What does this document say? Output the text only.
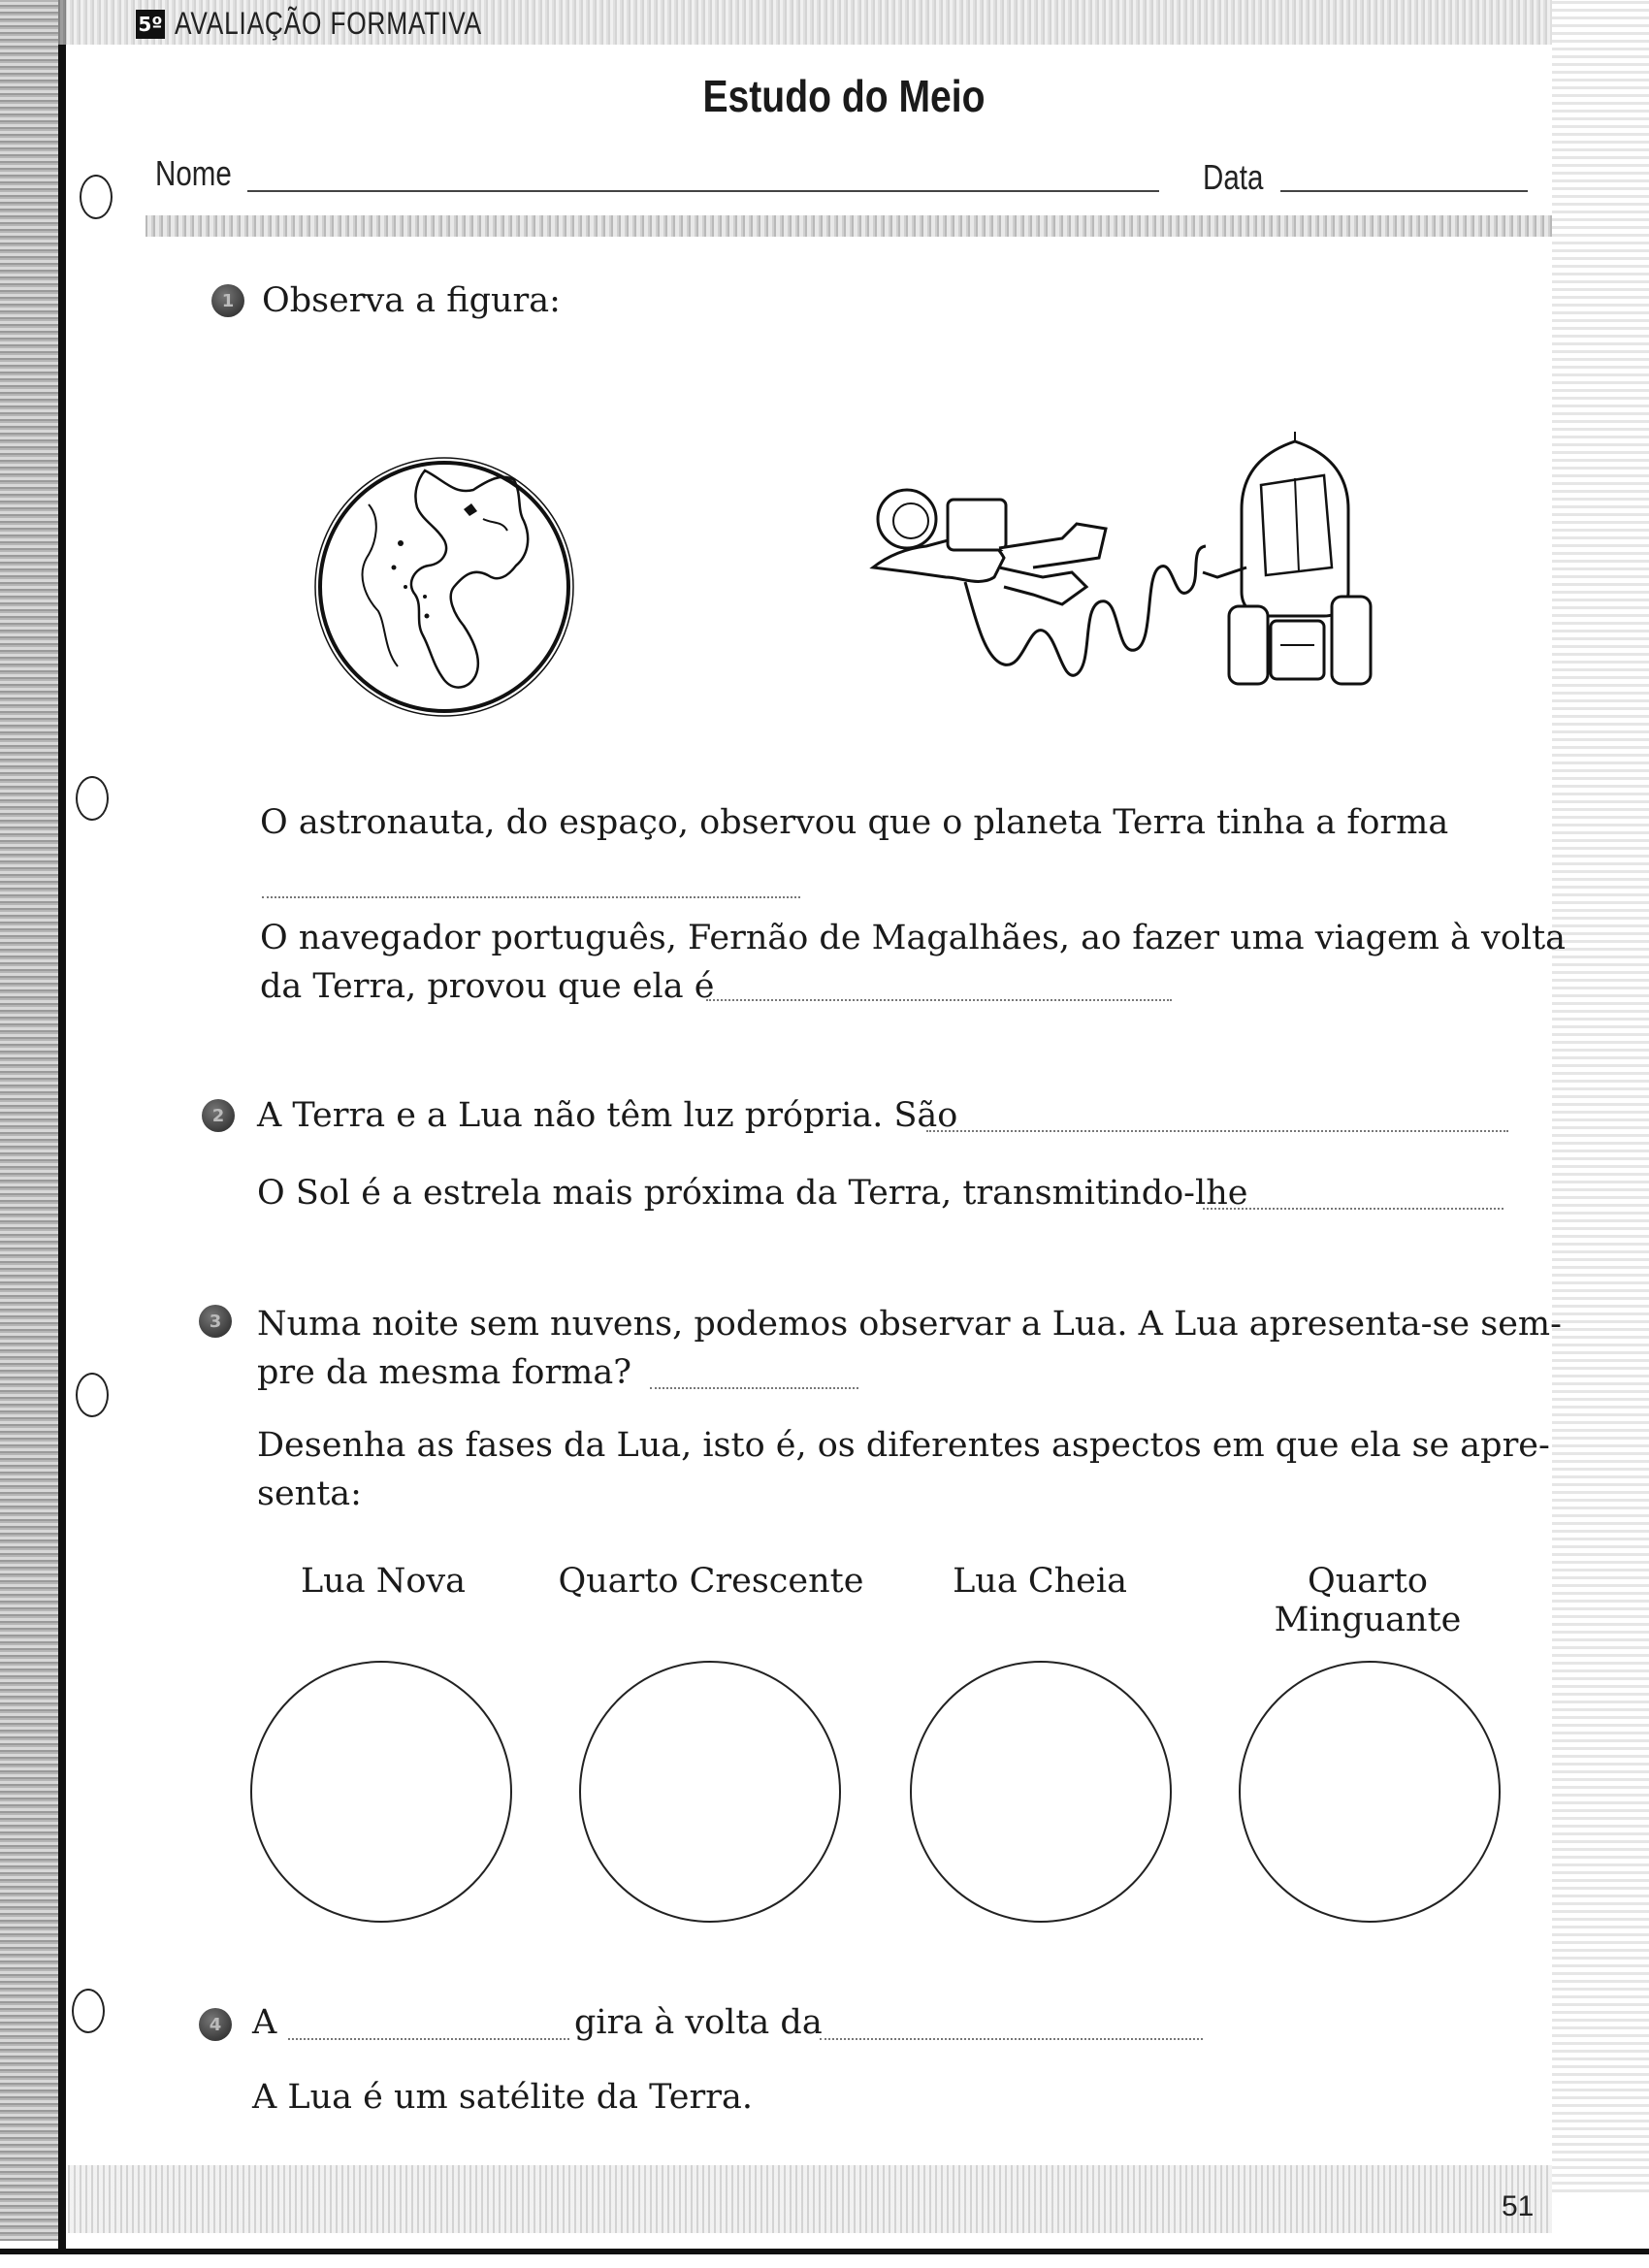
5º AVALIAÇÃO FORMATIVA
Estudo do Meio
Nome	Data
1 Observa a figura:
O astronauta, do espaço, observou que o planeta Terra tinha a forma
O navegador português, Fernão de Magalhães, ao fazer uma viagem à volta
da Terra, provou que ela é
2 A Terra e a Lua não têm luz própria. São
O Sol é a estrela mais próxima da Terra, transmitindo-lhe
3	Numa noite sem nuvens, podemos observar a Lua. A Lua apresenta-se sem-
pre da mesma forma?
Desenha as fases da Lua, isto é, os diferentes aspectos em que ela se apre-
senta:
Lua Nova	Quarto Crescente	Lua Cheia	Quarto Minguante
4 A	gira à volta da
A Lua é um satélite da Terra.
51
